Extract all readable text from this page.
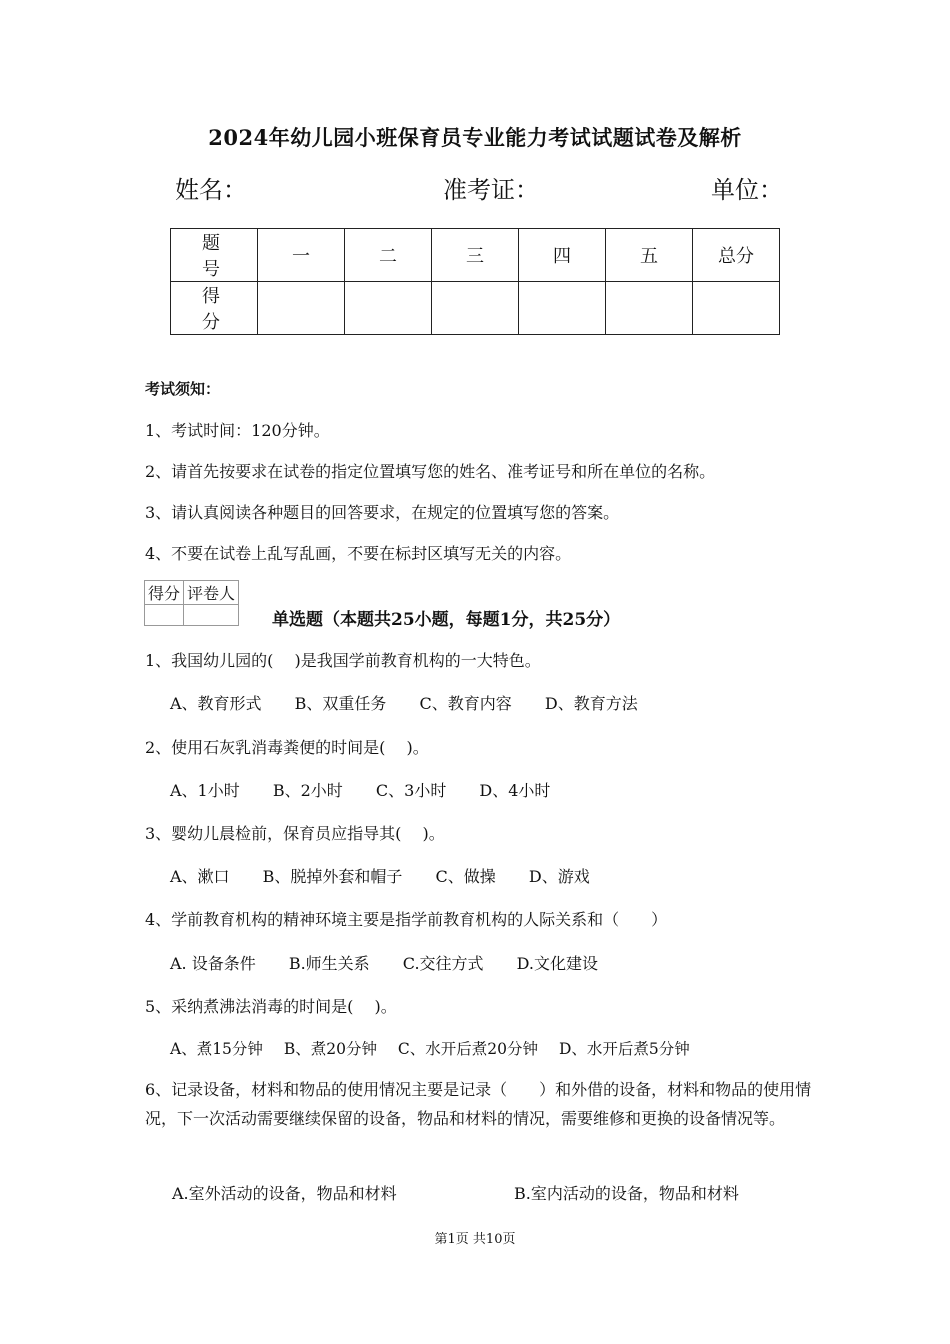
2024年幼儿园小班保育员专业能力考试试题试卷及解析
姓名：	准考证：	单位：
题　号	一	二	三	四	五	总分
得　分						
考试须知：
1、考试时间：120分钟。
2、请首先按要求在试卷的指定位置填写您的姓名、准考证号和所在单位的名称。
3、请认真阅读各种题目的回答要求，在规定的位置填写您的答案。
4、不要在试卷上乱写乱画，不要在标封区填写无关的内容。
得分	评卷人

单选题（本题共25小题，每题1分，共25分）
1、我国幼儿园的(　 )是我国学前教育机构的一大特色。
A、教育形式 B、双重任务 C、教育内容 D、教育方法
2、使用石灰乳消毒粪便的时间是(　 )。
A、1小时 B、2小时 C、3小时 D、4小时
3、婴幼儿晨检前，保育员应指导其(　 )。
A、漱口 B、脱掉外套和帽子 C、做操 D、游戏
4、学前教育机构的精神环境主要是指学前教育机构的人际关系和（　　）
A. 设备条件 B.师生关系 C.交往方式 D.文化建设
5、采纳煮沸法消毒的时间是(　 )。
A、煮15分钟 B、煮20分钟 C、水开后煮20分钟 D、水开后煮5分钟
6、记录设备，材料和物品的使用情况主要是记录（　　）和外借的设备，材料和物品的使用情况，下一次活动需要继续保留的设备，物品和材料的情况，需要维修和更换的设备情况等。
A.室外活动的设备，物品和材料	B.室内活动的设备，物品和材料
第1页 共10页
